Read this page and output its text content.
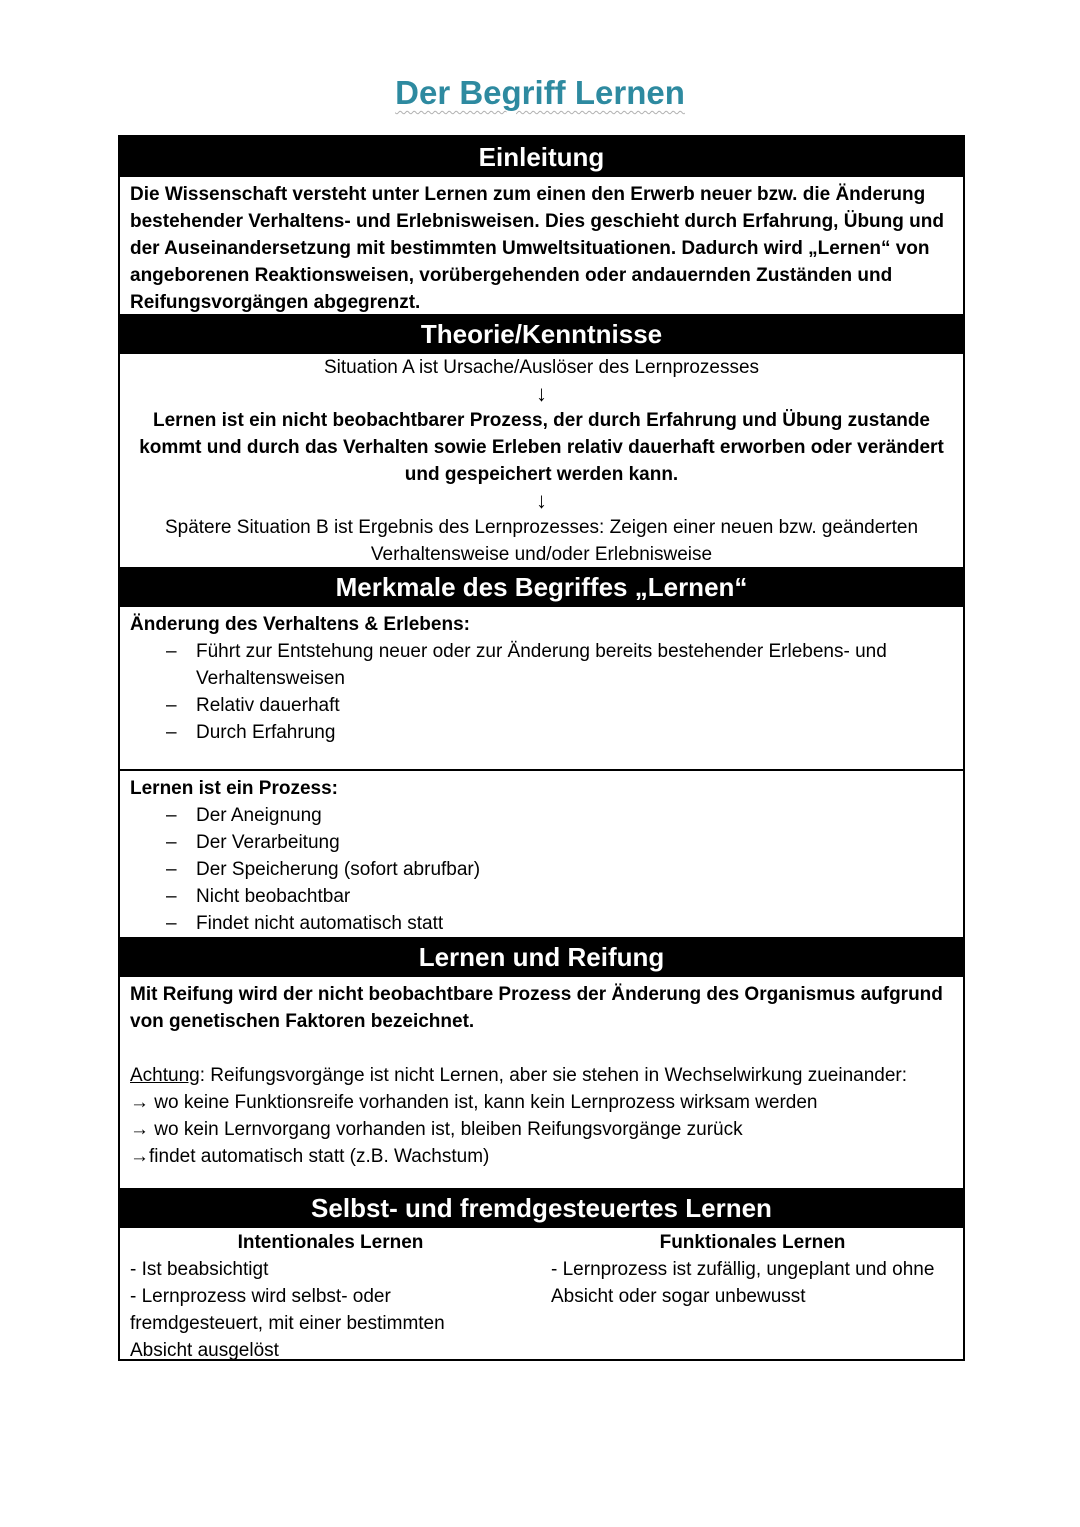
Der Begriff Lernen
Einleitung
Die Wissenschaft versteht unter Lernen zum einen den Erwerb neuer bzw. die Änderung bestehender Verhaltens- und Erlebnisweisen. Dies geschieht durch Erfahrung, Übung und der Auseinandersetzung mit bestimmten Umweltsituationen. Dadurch wird „Lernen“ von angeborenen Reaktionsweisen, vorübergehenden oder andauernden Zuständen und Reifungsvorgängen abgegrenzt.
Theorie/Kenntnisse
Situation A ist Ursache/Auslöser des Lernprozesses
↓
Lernen ist ein nicht beobachtbarer Prozess, der durch Erfahrung und Übung zustande kommt und durch das Verhalten sowie Erleben relativ dauerhaft erworben oder verändert und gespeichert werden kann.
↓
Spätere Situation B ist Ergebnis des Lernprozesses: Zeigen einer neuen bzw. geänderten Verhaltensweise und/oder Erlebnisweise
Merkmale des Begriffes „Lernen“
Änderung des Verhaltens & Erlebens:
– Führt zur Entstehung neuer oder zur Änderung bereits bestehender Erlebens- und Verhaltensweisen
– Relativ dauerhaft
– Durch Erfahrung
Lernen ist ein Prozess:
– Der Aneignung
– Der Verarbeitung
– Der Speicherung (sofort abrufbar)
– Nicht beobachtbar
– Findet nicht automatisch statt
Lernen und Reifung
Mit Reifung wird der nicht beobachtbare Prozess der Änderung des Organismus aufgrund von genetischen Faktoren bezeichnet.
Achtung: Reifungsvorgänge ist nicht Lernen, aber sie stehen in Wechselwirkung zueinander:
→ wo keine Funktionsreife vorhanden ist, kann kein Lernprozess wirksam werden
→ wo kein Lernvorgang vorhanden ist, bleiben Reifungsvorgänge zurück
→findet automatisch statt (z.B. Wachstum)
Selbst- und fremdgesteuertes Lernen
Intentionales Lernen

- Ist beabsichtigt

- Lernprozess wird selbst- oder fremdgesteuert, mit einer bestimmten Absicht ausgelöst

Funktionales Lernen

- Lernprozess ist zufällig, ungeplant und ohne Absicht oder sogar unbewusst
